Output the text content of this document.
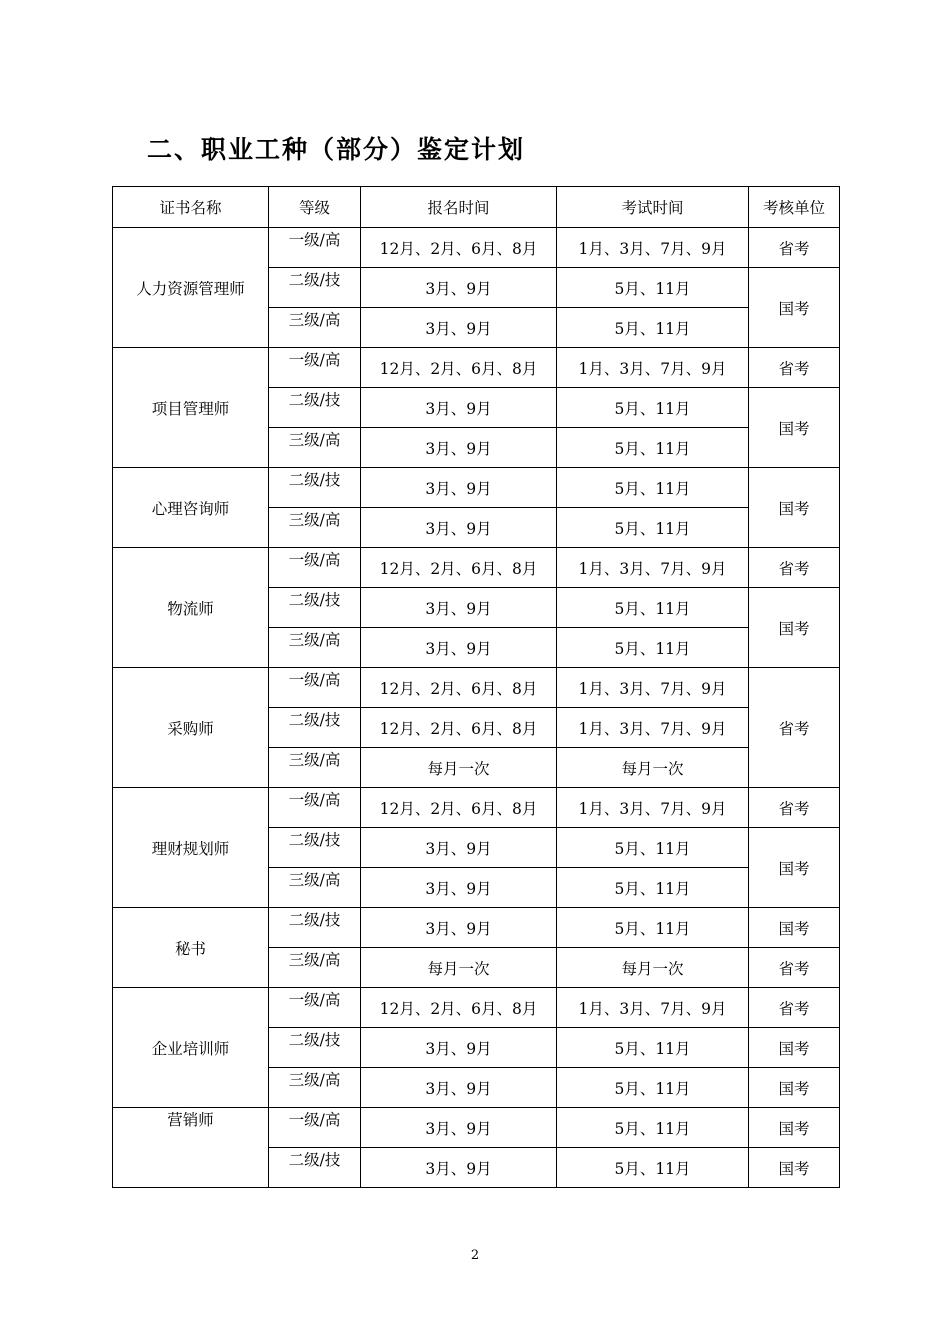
二、职业工种（部分）鉴定计划
证书名称	等级	报名时间	考试时间	考核单位
人力资源管理师	一级/高	12月、2月、6月、8月	1月、3月、7月、9月	省考
	二级/技	3月、9月	5月、11月	国考
	三级/高	3月、9月	5月、11月	
项目管理师	一级/高	12月、2月、6月、8月	1月、3月、7月、9月	省考
	二级/技	3月、9月	5月、11月	国考
	三级/高	3月、9月	5月、11月	
心理咨询师	二级/技	3月、9月	5月、11月	国考
	三级/高	3月、9月	5月、11月	
物流师	一级/高	12月、2月、6月、8月	1月、3月、7月、9月	省考
	二级/技	3月、9月	5月、11月	国考
	三级/高	3月、9月	5月、11月	
采购师	一级/高	12月、2月、6月、8月	1月、3月、7月、9月	省考
	二级/技	12月、2月、6月、8月	1月、3月、7月、9月	
	三级/高	每月一次	每月一次	
理财规划师	一级/高	12月、2月、6月、8月	1月、3月、7月、9月	省考
	二级/技	3月、9月	5月、11月	国考
	三级/高	3月、9月	5月、11月	
秘书	二级/技	3月、9月	5月、11月	国考
	三级/高	每月一次	每月一次	省考
企业培训师	一级/高	12月、2月、6月、8月	1月、3月、7月、9月	省考
	二级/技	3月、9月	5月、11月	国考
	三级/高	3月、9月	5月、11月	国考
营销师	一级/高	3月、9月	5月、11月	国考
	二级/技	3月、9月	5月、11月	国考
2
